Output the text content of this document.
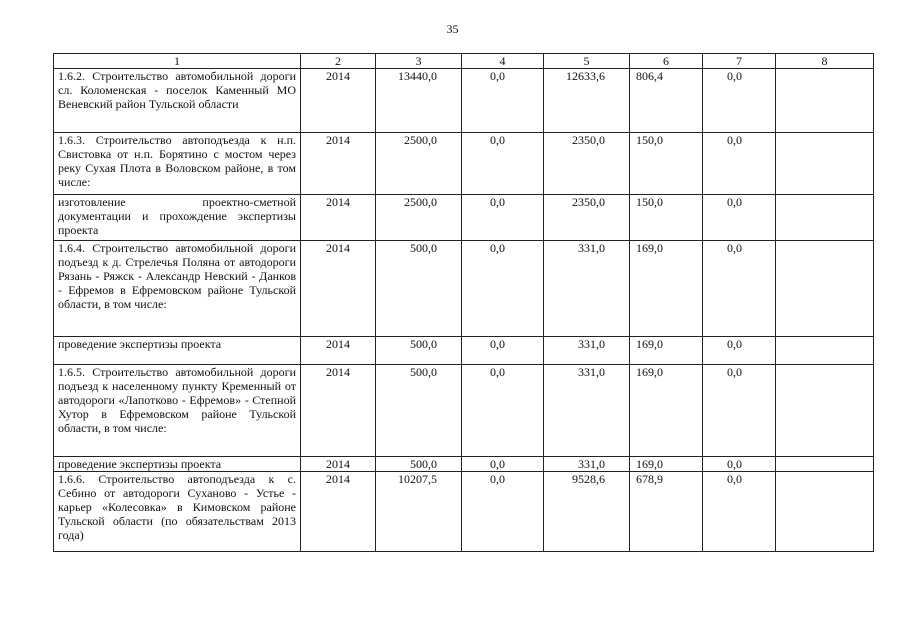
35
1	2	3	4	5	6	7	8
1.6.2. Строительство автомобильной дороги сл. Коломенская - поселок Каменный МО Веневский район Тульской области	2014	13440,0	0,0	12633,6	806,4	0,0	
1.6.3. Строительство автоподъезда к н.п. Свистовка от н.п. Борятино с мостом через реку Сухая Плота в Воловском районе, в том числе:	2014	2500,0	0,0	2350,0	150,0	0,0	
изготовление проектно-сметной документации и прохождение экспертизы проекта	2014	2500,0	0,0	2350,0	150,0	0,0	
1.6.4. Строительство автомобильной дороги подъезд к д. Стрелечья Поляна от автодороги Рязань - Ряжск - Александр Невский - Данков - Ефремов в Ефремовском районе Тульской области, в том числе:	2014	500,0	0,0	331,0	169,0	0,0	
проведение экспертизы проекта	2014	500,0	0,0	331,0	169,0	0,0	
1.6.5. Строительство автомобильной дороги подъезд к населенному пункту Кременный от автодороги «Лапотково - Ефремов» - Степной Хутор в Ефремовском районе Тульской области, в том числе:	2014	500,0	0,0	331,0	169,0	0,0	
проведение экспертизы проекта	2014	500,0	0,0	331,0	169,0	0,0	
1.6.6. Строительство автоподъезда к с. Себино от автодороги Суханово - Устье - карьер «Колесовка» в Кимовском районе Тульской области (по обязательствам 2013 года)	2014	10207,5	0,0	9528,6	678,9	0,0	
